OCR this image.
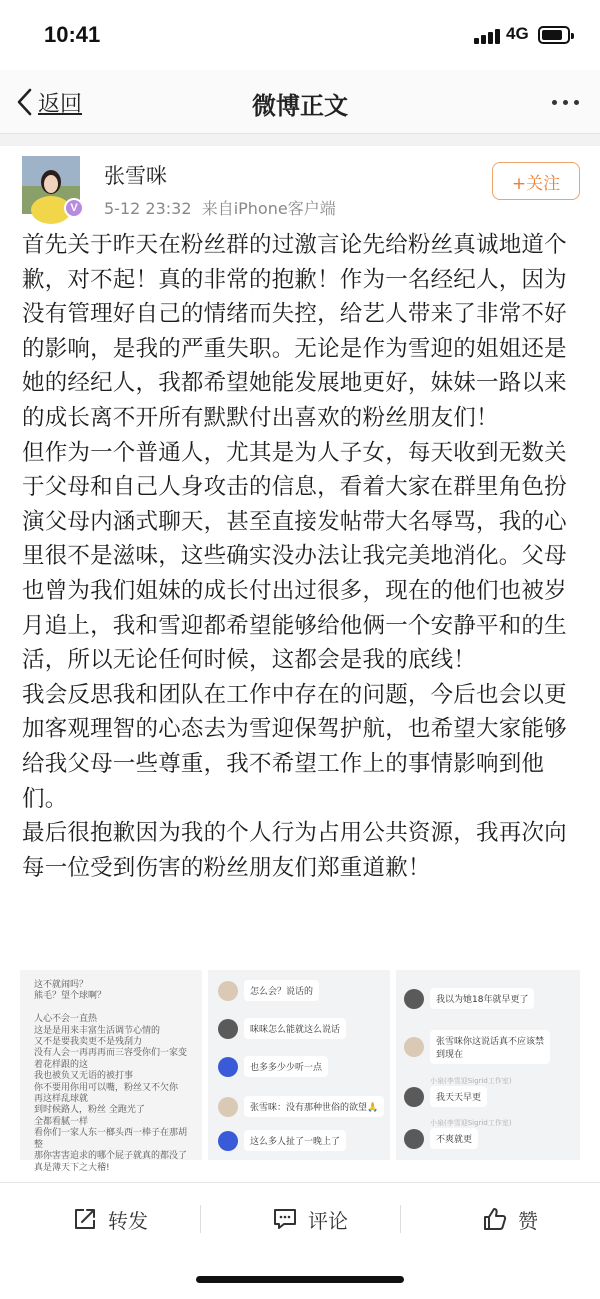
10:41	4G
返回	微博正文
V
张雪咪
5-12 23:32 来自iPhone客户端
+关注

首先关于昨天在粉丝群的过激言论先给粉丝真诚地道个歉，对不起！真的非常的抱歉！作为一名经纪人，因为没有管理好自己的情绪而失控，给艺人带来了非常不好的影响，是我的严重失职。无论是作为雪迎的姐姐还是她的经纪人，我都希望她能发展地更好，妹妹一路以来的成长离不开所有默默付出喜欢的粉丝朋友们！

但作为一个普通人，尤其是为人子女，每天收到无数关于父母和自己人身攻击的信息，看着大家在群里角色扮演父母内涵式聊天，甚至直接发帖带大名辱骂，我的心里很不是滋味，这些确实没办法让我完美地消化。父母也曾为我们姐妹的成长付出过很多，现在的他们也被岁月追上，我和雪迎都希望能够给他俩一个安静平和的生活，所以无论任何时候，这都会是我的底线！

我会反思我和团队在工作中存在的问题，今后也会以更加客观理智的心态去为雪迎保驾护航，也希望大家能够给我父母一些尊重，我不希望工作上的事情影响到他们。

最后很抱歉因为我的个人行为占用公共资源，我再次向每一位受到伤害的粉丝朋友们郑重道歉！

这不就闹吗？
熊毛？望个球啊？

人心不会一直热
这是是用来丰富生活调节心情的
又不是要我卖更不是残刮力
没有人会一再再再而三容受你们一家变着花样跟的这
我也被负又无语的被打事
你不要用你用可以嘴，粉丝又不欠你
再这样乱球就
到时候路人，粉丝 全跑光了
全都看腻一样
看你们一家人东一榔头西一棒子在那胡整
那你害害追求的哪个屁子就真的都没了
真是薄天下之大稽!

怎么会？说话的
咪咪怎么能就这么说话
也多多少少听一点
张雪咪：没有那种世俗的欲望🙏
这么多人扯了一晚上了
我以为她18年就早更了
张雪咪你这说话真不应该禁到现在
小泉(李雪迎Sigrid工作室)
我天天早更
小泉(李雪迎Sigrid工作室)
不爽就更
转发	评论	赞
